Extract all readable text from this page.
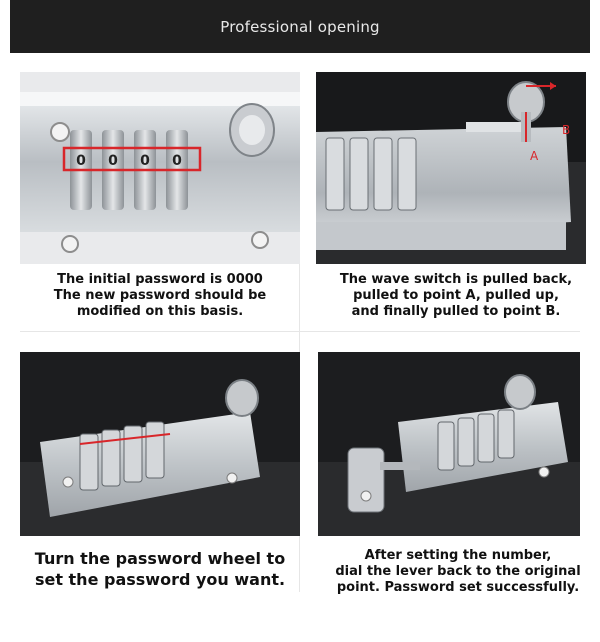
Professional opening
0 0 0 0
The initial password is 0000
The new password should be
modified on this basis.
A
B
The wave switch is pulled back,
pulled to point A, pulled up,
and finally pulled to point B.
Turn the password wheel to
set the password you want.
After setting the number,
dial the lever back to the original
point. Password set successfully.
